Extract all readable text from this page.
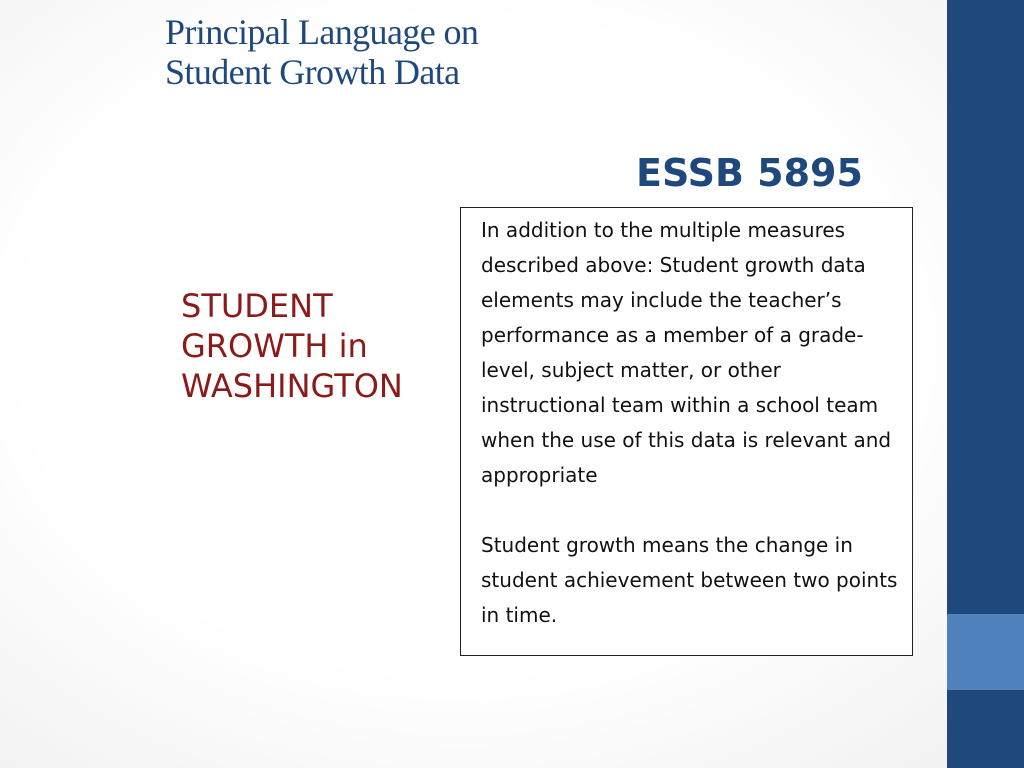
Principal Language on
Student Growth Data
ESSB 5895
STUDENT
GROWTH in
WASHINGTON

In addition to the multiple measures described above: Student growth data elements may include the teacher’s performance as a member of a grade-level, subject matter, or other instructional team within a school team when the use of this data is relevant and appropriate

Student growth means the change in student achievement between two points in time.
